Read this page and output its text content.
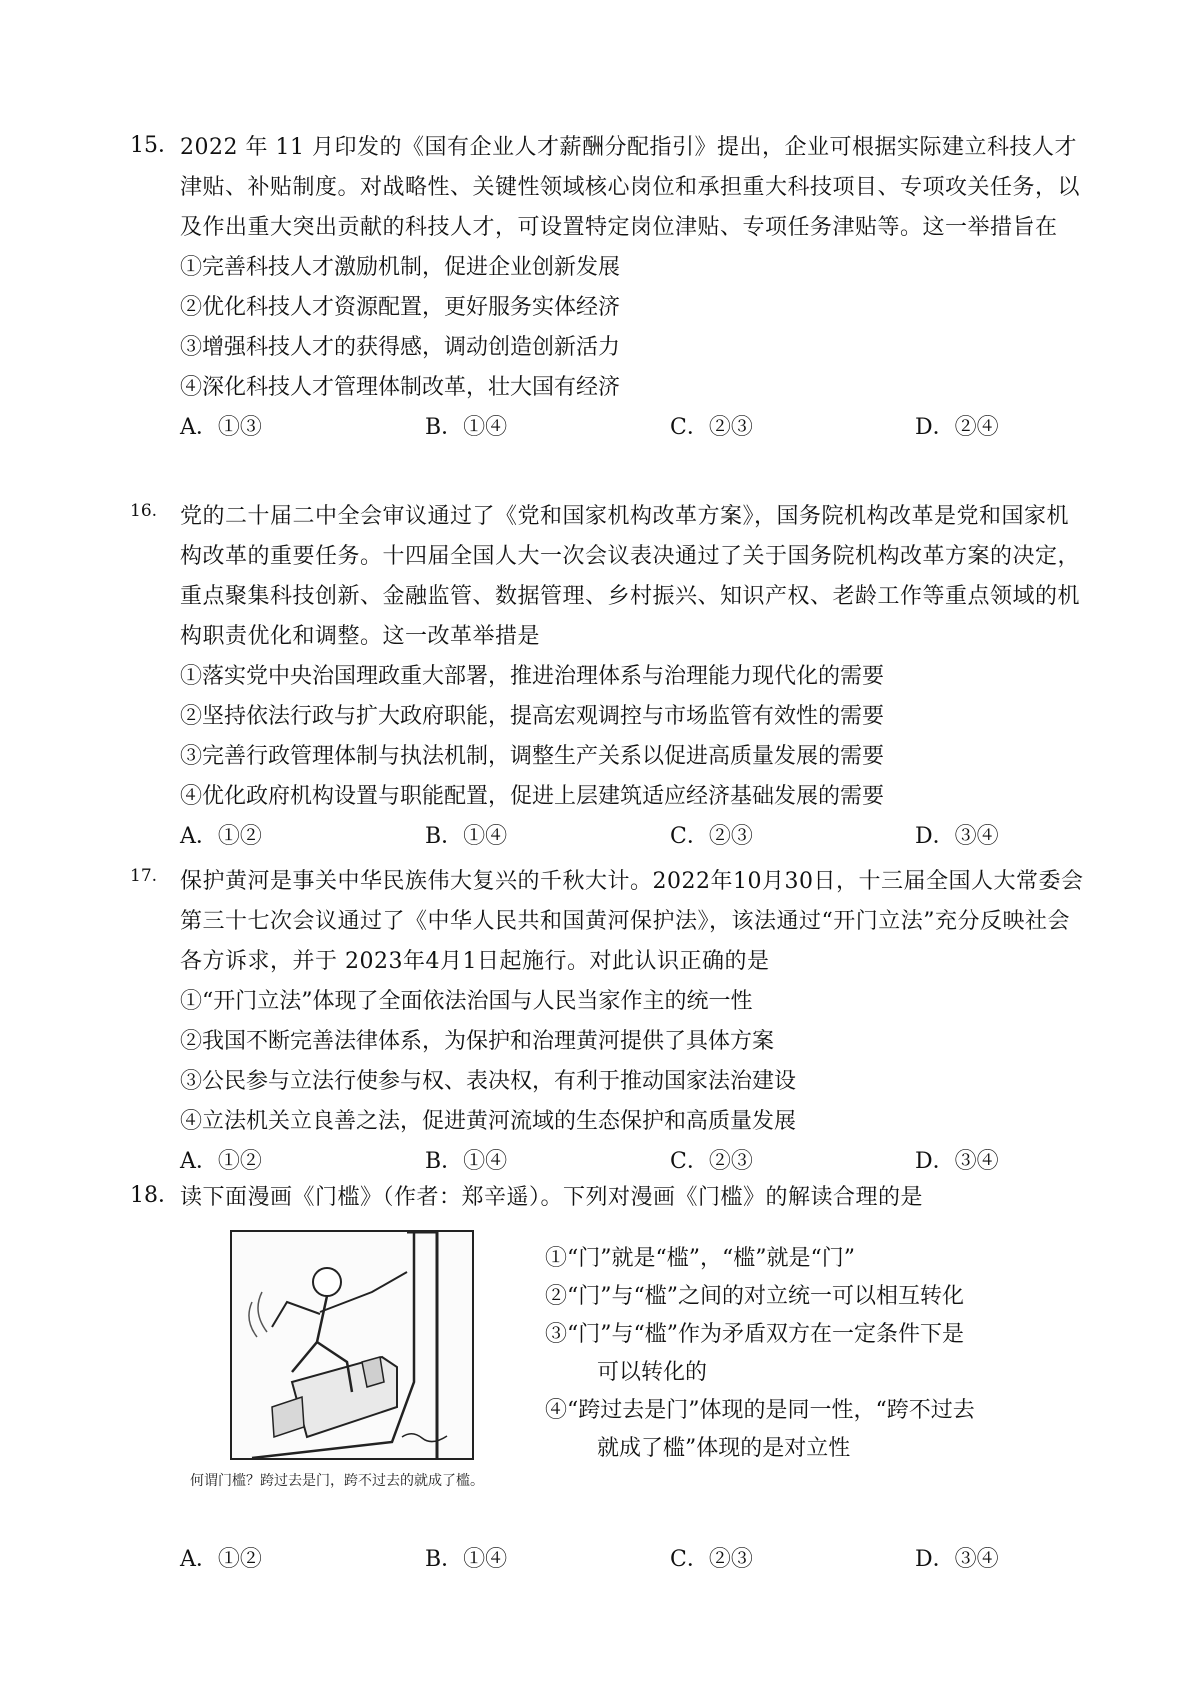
15． 2022 年 11 月印发的《国有企业人才薪酬分配指引》提出，企业可根据实际建立科技人才津贴、补贴制度。对战略性、关键性领域核心岗位和承担重大科技项目、专项攻关任务，以及作出重大突出贡献的科技人才，可设置特定岗位津贴、专项任务津贴等。这一举措旨在
①完善科技人才激励机制，促进企业创新发展
②优化科技人才资源配置，更好服务实体经济
③增强科技人才的获得感，调动创造创新活力
④深化科技人才管理体制改革，壮大国有经济
A．①③	B．①④	C．②③	D．②④
16.	党的二十届二中全会审议通过了《党和国家机构改革方案》，国务院机构改革是党和国家机构改革的重要任务。十四届全国人大一次会议表决通过了关于国务院机构改革方案的决定，重点聚集科技创新、金融监管、数据管理、乡村振兴、知识产权、老龄工作等重点领域的机构职责优化和调整。这一改革举措是
①落实党中央治国理政重大部署，推进治理体系与治理能力现代化的需要
②坚持依法行政与扩大政府职能，提高宏观调控与市场监管有效性的需要
③完善行政管理体制与执法机制，调整生产关系以促进高质量发展的需要
④优化政府机构设置与职能配置，促进上层建筑适应经济基础发展的需要
A．①②	B．①④	C．②③	D．③④
17.	保护黄河是事关中华民族伟大复兴的千秋大计。2022年10月30日，十三届全国人大常委会 第三十七次会议通过了《中华人民共和国黄河保护法》，该法通过“开门立法”充分反映社会各方诉求，并于 2023年4月1日起施行。对此认识正确的是
①“开门立法”体现了全面依法治国与人民当家作主的统一性
②我国不断完善法律体系，为保护和治理黄河提供了具体方案
③公民参与立法行使参与权、表决权，有利于推动国家法治建设
④立法机关立良善之法，促进黄河流域的生态保护和高质量发展
A．①②	B．①④	C．②③	D．③④
18． 读下面漫画《门槛》（作者：郑辛遥）。下列对漫画《门槛》的解读合理的是
何谓门槛？跨过去是门，跨不过去的就成了槛。
①“门”就是“槛”，“槛”就是“门”
②“门”与“槛”之间的对立统一可以相互转化
③“门”与“槛”作为矛盾双方在一定条件下是
可以转化的
④“跨过去是门”体现的是同一性，“跨不过去
就成了槛”体现的是对立性
A．①②	B．①④	C．②③	D．③④
